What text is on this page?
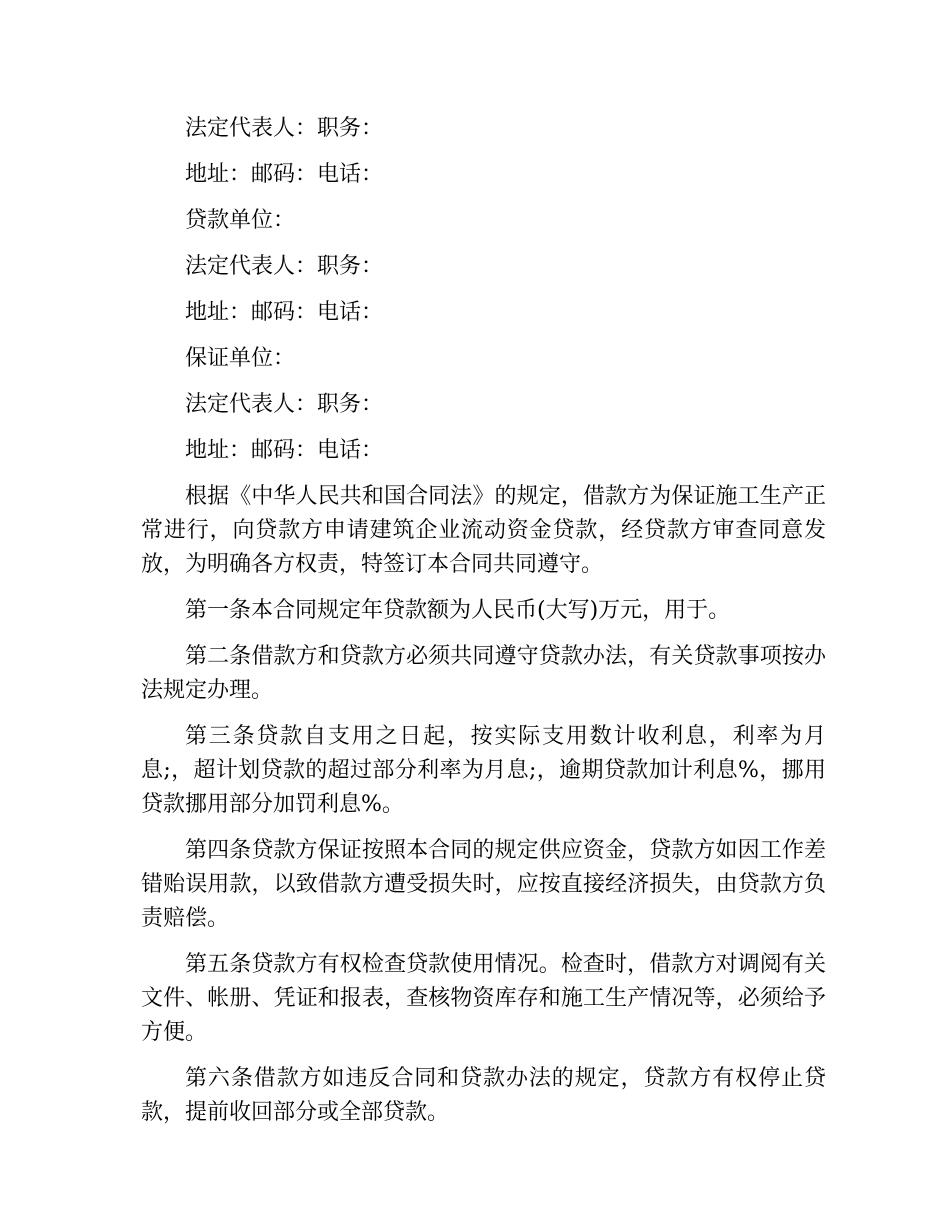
法定代表人：职务：
地址：邮码：电话：
贷款单位：
法定代表人：职务：
地址：邮码：电话：
保证单位：
法定代表人：职务：
地址：邮码：电话：

根据《中华人民共和国合同法》的规定，借款方为保证施工生产正常进行，向贷款方申请建筑企业流动资金贷款，经贷款方审查同意发放，为明确各方权责，特签订本合同共同遵守。

第一条本合同规定年贷款额为人民币(大写)万元，用于。

第二条借款方和贷款方必须共同遵守贷款办法，有关贷款事项按办法规定办理。

第三条贷款自支用之日起，按实际支用数计收利息，利率为月息;，超计划贷款的超过部分利率为月息;，逾期贷款加计利息%，挪用贷款挪用部分加罚利息%。

第四条贷款方保证按照本合同的规定供应资金，贷款方如因工作差错贻误用款，以致借款方遭受损失时，应按直接经济损失，由贷款方负责赔偿。

第五条贷款方有权检查贷款使用情况。检查时，借款方对调阅有关文件、帐册、凭证和报表，查核物资库存和施工生产情况等，必须给予方便。

第六条借款方如违反合同和贷款办法的规定，贷款方有权停止贷款，提前收回部分或全部贷款。
